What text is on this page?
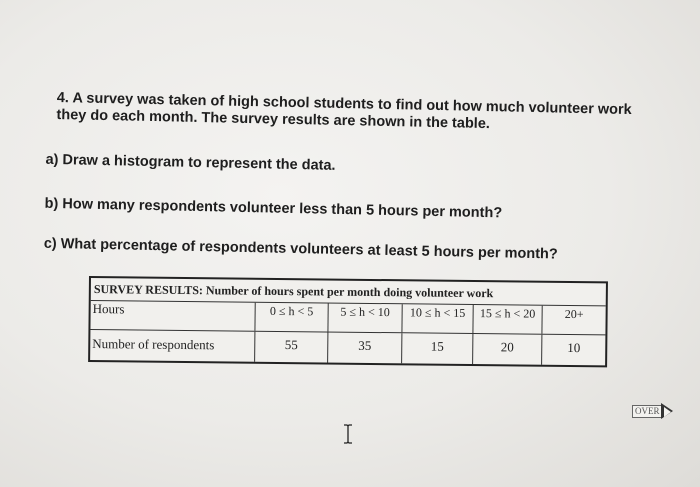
4. A survey was taken of high school students to find out how much volunteer work they do each month. The survey results are shown in the table.

a) Draw a histogram to represent the data.

b) How many respondents volunteer less than 5 hours per month?

c) What percentage of respondents volunteers at least 5 hours per month?

SURVEY RESULTS: Number of hours spent per month doing volunteer work
Hours	0 ≤ h < 5	5 ≤ h < 10	10 ≤ h < 15	15 ≤ h < 20	20+
Number of respondents	55	35	15	20	10
OVER
